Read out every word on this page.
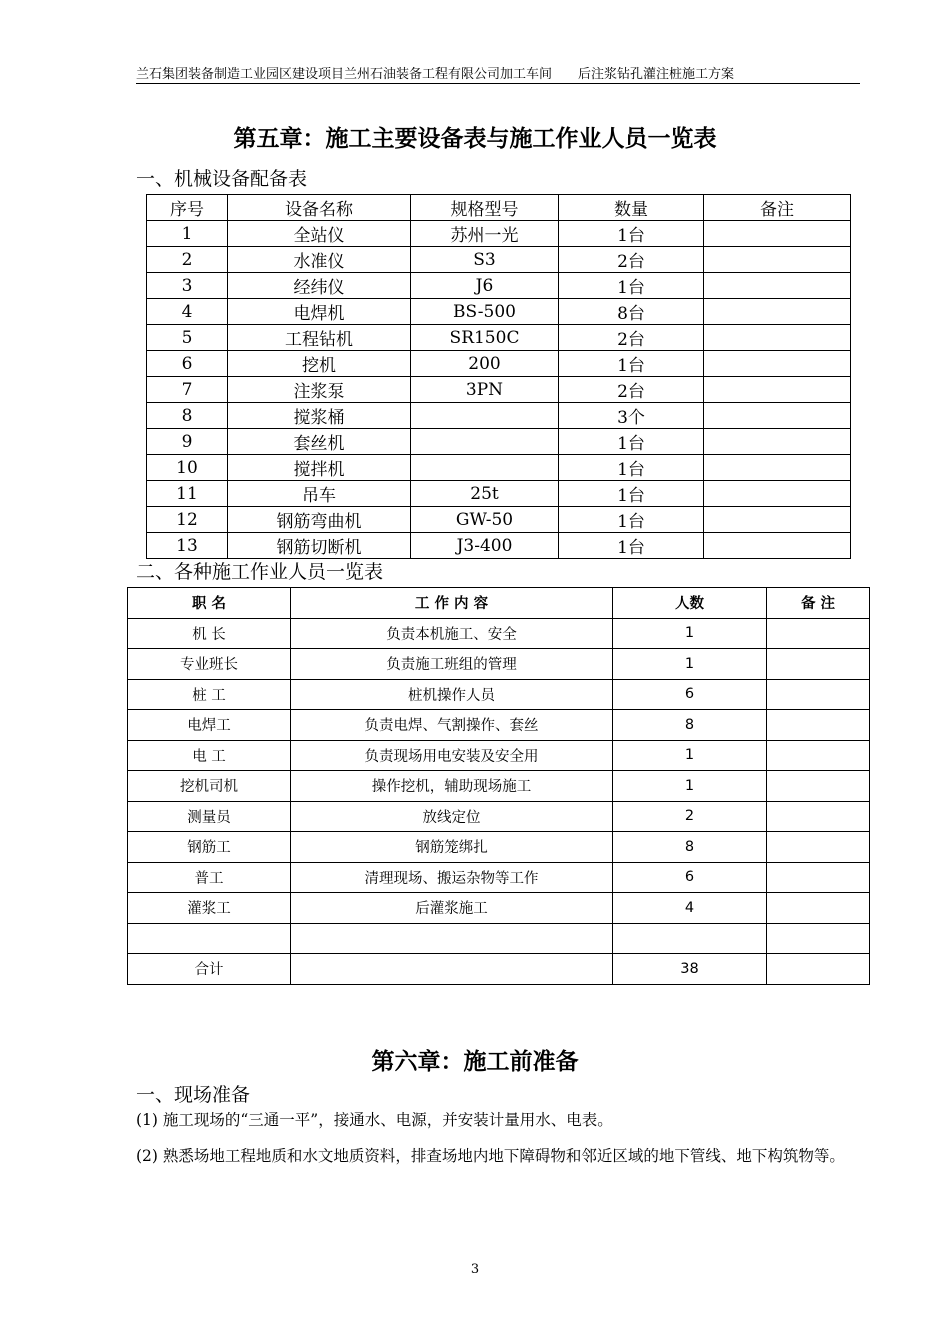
兰石集团装备制造工业园区建设项目兰州石油装备工程有限公司加工车间 后注浆钻孔灌注桩施工方案
第五章：施工主要设备表与施工作业人员一览表
一、机械设备配备表
序号	设备名称	规格型号	数量	备注
1	全站仪	苏州一光	1台	
2	水准仪	S3	2台	
3	经纬仪	J6	1台	
4	电焊机	BS-500	8台	
5	工程钻机	SR150C	2台	
6	挖机	200	1台	
7	注浆泵	3PN	2台	
8	搅浆桶		3个	
9	套丝机		1台	
10	搅拌机		1台	
11	吊车	25t	1台	
12	钢筋弯曲机	GW-50	1台	
13	钢筋切断机	J3-400	1台	
二、各种施工作业人员一览表
职 名	工 作 内 容	人数	备 注
机 长	负责本机施工、安全	1	
专业班长	负责施工班组的管理	1	
桩 工	桩机操作人员	6	
电焊工	负责电焊、气割操作、套丝	8	
电 工	负责现场用电安装及安全用	1	
挖机司机	操作挖机，辅助现场施工	1	
测量员	放线定位	2	
钢筋工	钢筋笼绑扎	8	
普工	清理现场、搬运杂物等工作	6	
灌浆工	后灌浆施工	4	

合计		38	
第六章：施工前准备
一、现场准备
(1) 施工现场的“三通一平”，接通水、电源，并安装计量用水、电表。
(2) 熟悉场地工程地质和水文地质资料，排查场地内地下障碍物和邻近区域的地下管线、地下构筑物等。
3
